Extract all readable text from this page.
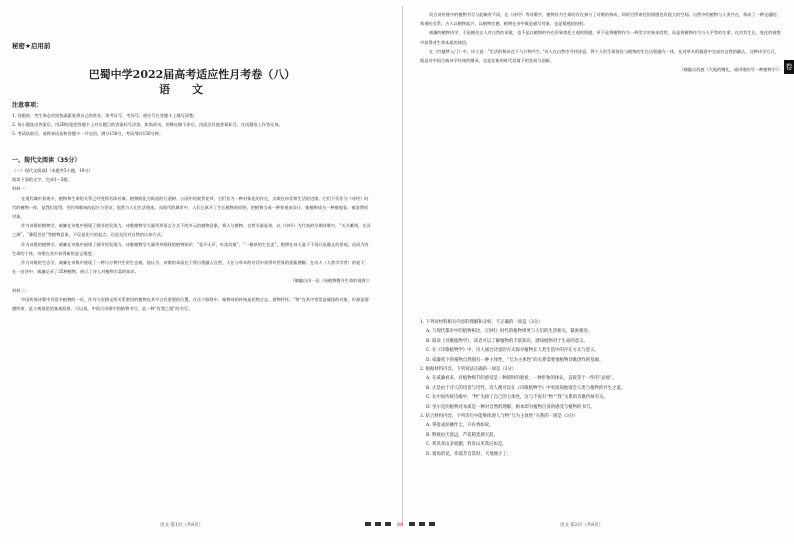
秘密★启用前
巴蜀中学2022届高考适应性月考卷（八）
语文
注意事项：

1. 答题前，考生务必用黑色碳素笔将自己的姓名、准考证号、考场号、座位号在答题卡上填写清楚。

2. 每小题选出答案后，用2B铅笔把答题卡上对应题目的答案标号涂黑。如需改动，用橡皮擦干净后，再选涂其他答案标号。在试题卷上作答无效。

3. 考试结束后，请将本试卷和答题卡一并交回。满分150分，考试用时150分钟。

一、现代文阅读（35分）

（一）现代文阅读Ⅰ（本题共5小题，19分）

阅读下面的文字，完成1～5题。

材料一：

在现代城市景观中，植物和生命的关系已经变得若即若离。植物既化为街道的行道树、公园中的观赏花草，它们作为一种对象化的存在，点缀在审美和生活的边缘。它们不仅作为《诗经》时代的植物一样，是我们觉得、劳作和歌咏的起兴与见证，依然与人们生活相连。而现代的城市中，人们已离开了生长植物的原野，把植物当成一种景观来设计，使植物成为一种被观看、被消费的对象。

作为诗歌的植物学，威廉在诗集中展现了细节的发现力。诗歌植物学大量列举语言方式下的多元的植物意象，将人与植物、自然关联起来，以《诗经》为代表的早期诗歌中，“关关雎鸠，在河之洲”，“蒹葭苍苍”等植物意象，不仅是比兴的起点，还是先民对自然的认知方式。

作为诗歌的植物学，威廉在诗集中展现了细节的发现力。诗歌植物学大量列举细致的植物知识：“花开无声，叶落有痕”，“一株草的生长史”，植物在诗人笔下不再只是静止的景观，而成为有生命的个体，诗歌在其中获得新的意义维度。

作为诗歌的生态学，威廉在诗集中展现了一种与万物共生的生态观。他认为，诗歌的本质在于将自我融入自然，人在与草木的对话中获得对世界的重新理解。在诗人（人类学学者）的笔下，在一首诗中，威廉记录了35种植物，展示了诗人对植物丰富的知识。

（摘编自田一辰《向植物敬开生命的视界》）

材料二：

中国传统诗歌中有很多植物的一员，作为与农耕文明关系密切的植物在其中占有重要的位置。在这个脉络中，咏物诗的传统是托物言志、借物抒怀，“物”在其中常常是载体的对象，但却是情感所寄，是主观情思的客观投射。可以说，中国古诗歌中的植物书写，是一种“有我之境”的书写。

而古诗传统中的植物书写与此略有不同，在《诗经》等诗歌中，植物作为生命的存在参与了诗歌的构成，同时它所寄托的情感也有很大的空间。自然中的植物与人类共在，构成了一种交融的、和谐的关系。古人以植物起兴，以植物比德，植物在诗中既是描写对象，也是情感的投射。

威廉的植物诗学，不是模仿古人对自然的讴歌，也不是以植物的外在形象寄托主观的情感，更不是将植物作为一种美学对象来欣赏，而是将植物作为与人平等的生命，在对其生长、变化的观察中获得对生命本质的体悟。

在《红楼梦入门》中，诗人说：“生活的秘诀在于与万物共生。”诗人在自然中寻找诗意，将个人的生命体验与植物的生长历程融为一体，在对草木的凝视中完成对自我的确认。这种诗学方式，既是对中国古典诗学传统的继承，也是在新的时代语境下的发展与创新。

（摘编自西渡《大地的赠礼，或诗歌的另一种植物学》）

1. 下列对材料相关内容的理解和分析，不正确的一项是（3分）

A. 与现代都市中的植物相比，《诗经》时代的植物则更与人们的生活相关、紧密相连。

B. 阅读《诗歌植物学》，读者可以了解植物的丰富知识，感知植物对于生命的意义。

C. 在《诗歌植物学》中，诗人通过诗意的方式探寻植物在人类生活中的存在方式与意义。

D. 威廉笔下的植物自然拥有一种主体性，“互为主体性”的关系需要他植物诗歌创作的基础。

2. 根据材料内容，下列说法正确的一项是（3分）

A. 在威廉看来，对植物细节的感受是一种即时的观看，一种形象的体认，直接等于一件的“灵视”。

B. 正是由于诗人的诗意与诗性，诗人便可以在《诗歌植物学》中更深刻地领会人类与植物的共生之道。

C. 在中国传统诗歌中，“物”失掉了自己的主体性，这与不再有“物”“我”关系的诗歌传统有关。

D. 里尔克的植物诗本质是一种对自然的理解，根本即为植物自身的感受与植物的书写。

3. 结合材料内容，下列诗句中能够体现人与物“互为主体性”关系的一项是（3分）

A. 零落成泥碾作尘，只有香如故。

B. 野渡由天涯远，芦花稻麦满天涯。

C. 我见青山多妩媚，料青山见我应如是。

D. 墙角的花，你孤芳自赏时，天地便小了。

卷
语文·第1页（共8页）	88	语文·第2页（共8页）
